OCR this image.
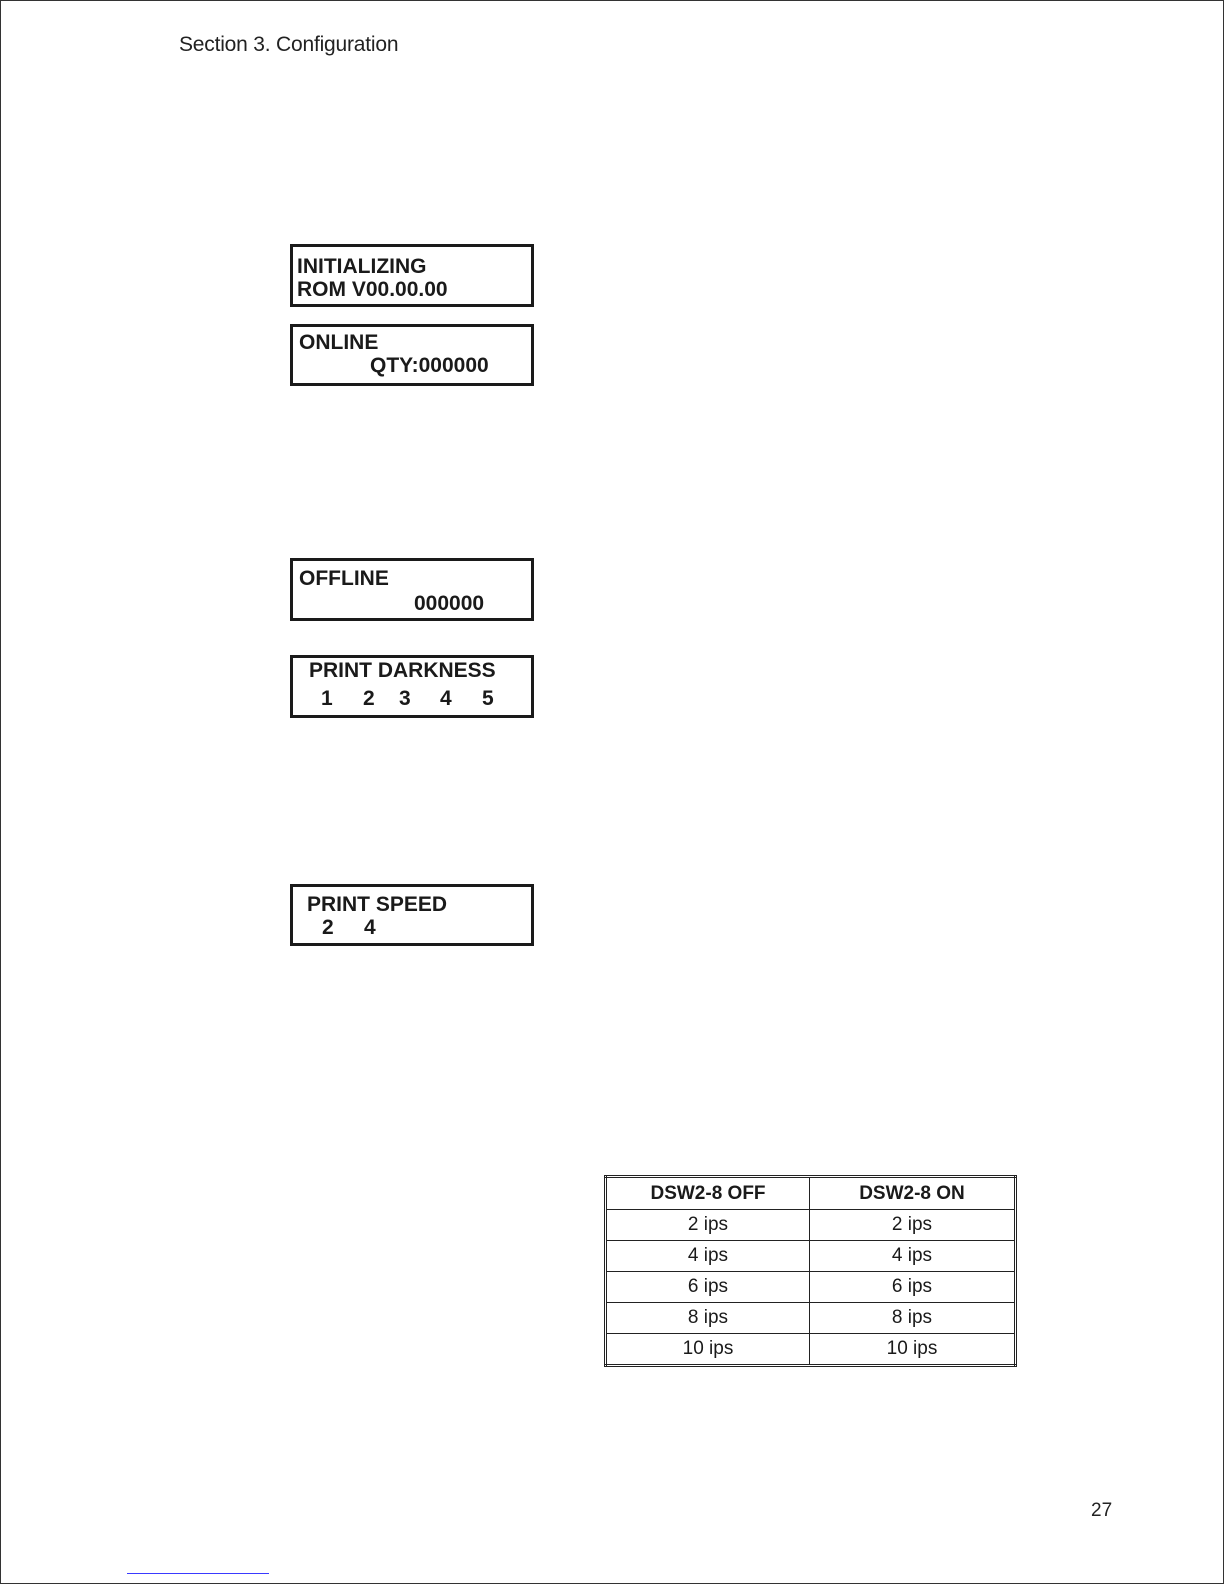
Section 3. Configuration
INITIALIZING
ROM V00.00.00
ONLINE
QTY:000000
OFFLINE
000000
PRINT DARKNESS
1 2 3 4 5
PRINT SPEED
2 4
DSW2-8 OFF	DSW2-8 ON
2 ips	2 ips
4 ips	4 ips
6 ips	6 ips
8 ips	8 ips
10 ips	10 ips
27
